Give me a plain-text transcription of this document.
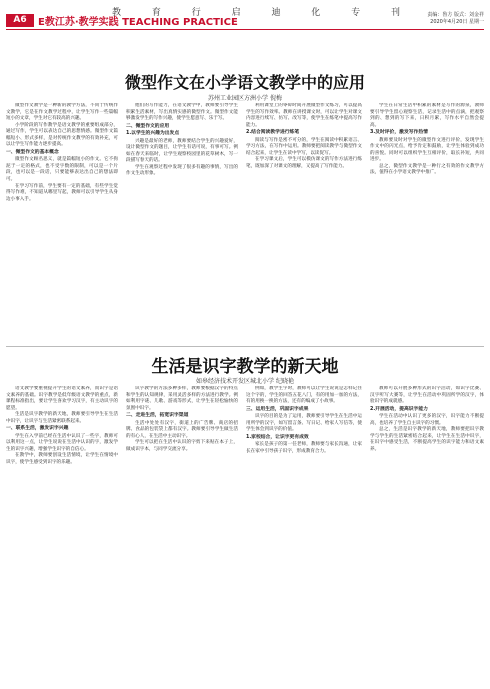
教 育 行 启 迪 化 专 刊
A6	E教江苏·教学实践 TEACHING PRACTICE
责编：鲁方 版式：刘金祥
2020年4月20日 星期一
微型作文在小学语文教学中的应用
苏州工业园区方洲小学 倪梅

微型作文教学是一种新的教学方法，不同于传统作文教学，它是在作文教学过程中，让学生写作一些篇幅短小的文章，学生对它有较高的兴趣。

小学阶段的写作教学是语文教学的重要组成部分，通过写作，学生可以表达自己的思想情感。微型作文篇幅短小、形式多样，是对传统作文教学的有效补充，可以让学生写作能力逐步提高。

一、微型作文的基本概念

微型作文顾名思义，就是篇幅短小的作文。它不拘泥于一定的格式，也不受字数的限制，可以是一个片段，也可以是一段话，只要能够表达出自己的想法即可。

在学习写作前，学生要有一定的基础，有些学生觉得写作难，不知道从哪里写起，教师可以引导学生从身边小事入手。

他们的写作能力，在语文教学中，教师要引导学生积累生活素材，写出真情实感的微型作文。微型作文能够激发学生的写作兴趣，使学生愿意写、乐于写。

二、微型作文的应用
1.以学生的兴趣为出发点

兴趣是最好的老师，教师要结合学生的兴趣爱好，设计微型作文的题目，让学生有话可说，有事可写。例如在春天来临时，让学生观察校园里的花草树木，写一段描写春天的话。

学生在观察过程中发现了很多有趣的事情，写出的作文生动形象。

利用课堂上的零碎时间开展微型作文练习，可以提高学生的写作效率。教师在讲授课文时，可以让学生对课文内容进行续写、仿写、改写等，使学生在练笔中提高写作能力。

2.结合阅读教学进行练笔

阅读与写作是密不可分的，学生在阅读中积累语言、学习方法，在写作中运用。教师要把阅读教学与微型作文结合起来，让学生在读中学写，以读促写。

在学习课文后，学生可以模仿课文的写作方法进行练笔，既加深了对课文的理解，又提高了写作能力。

学生在日常生活中积累的素材是写作的源泉，教师要引导学生留心观察生活，记录生活中的点滴，把观察到的、想到的写下来，日积月累，写作水平自然会提高。

3.及时评价，激发写作热情

教师要及时对学生的微型作文进行评价，发现学生作文中的闪光点，给予肯定和鼓励，让学生体验到成功的喜悦。同时可以组织学生互相评价，取长补短，共同进步。

总之，微型作文教学是一种行之有效的作文教学方法，值得在小学语文教学中推广。

生活是识字教学的新天地
如皋经济技术开发区城北小学 纪晓艳

语文教学要重视提升学生的语文素养，而识字是语文素养的基础。识字教学是低年级语文教学的重点，新课程标准指出，要让学生喜欢学习汉字，有主动识字的愿望。

生活是识字教学的新天地，教师要引导学生在生活中识字，让识字与生活紧密联系起来。

一、联系生活，激发识字兴趣

学生在入学前已经在生活中认识了一些字，教师可以利用这一点，让学生说说在生活中认识的字，激发学生的识字兴趣，增强学生识字的自信心。

在教学中，教师要创设生活情境，让学生在情境中识字，使学生感受到识字的乐趣。

识字教学的方法多种多样，教师要根据汉字的特点和学生的认知规律，采用灵活多样的方法进行教学。例如利用字谜、儿歌、游戏等形式，让学生在轻松愉快的氛围中识字。

二、走进生活，拓宽识字渠道

生活中处处有汉字，街道上的广告牌、商店的招牌、食品的包装袋上都有汉字。教师要引导学生做生活的有心人，在生活中主动识字。

学生可以把在生活中认识的字剪下来贴在本子上，做成识字本，与同学交流分享。

例如，教学生字时，教师可以让学生说说是怎样记住这个字的，学生的回答五花八门，有的用加一加的方法，有的用换一换的方法，还有的编成了小故事。

三、运用生活，巩固识字成果

识字的目的是为了运用，教师要引导学生在生活中运用所学的汉字，如写留言条、写日记、给家人写信等，使学生体会到识字的价值。

1.家校结合，让识字更有成效

家长是孩子的第一任老师，教师要与家长沟通，让家长在家中引导孩子识字，形成教育合力。

教师可以开展多种形式的识字活动，如识字比赛、汉字听写大赛等，让学生在活动中巩固所学的汉字，体验识字的成就感。

2.开展活动，提高识字能力

学生在活动中认识了更多的汉字，识字能力不断提高，也培养了学生自主识字的习惯。

总之，生活是识字教学的新天地，教师要把识字教学与学生的生活紧密结合起来，让学生在生活中识字，在识字中感受生活，不断提高学生的识字能力和语文素养。
